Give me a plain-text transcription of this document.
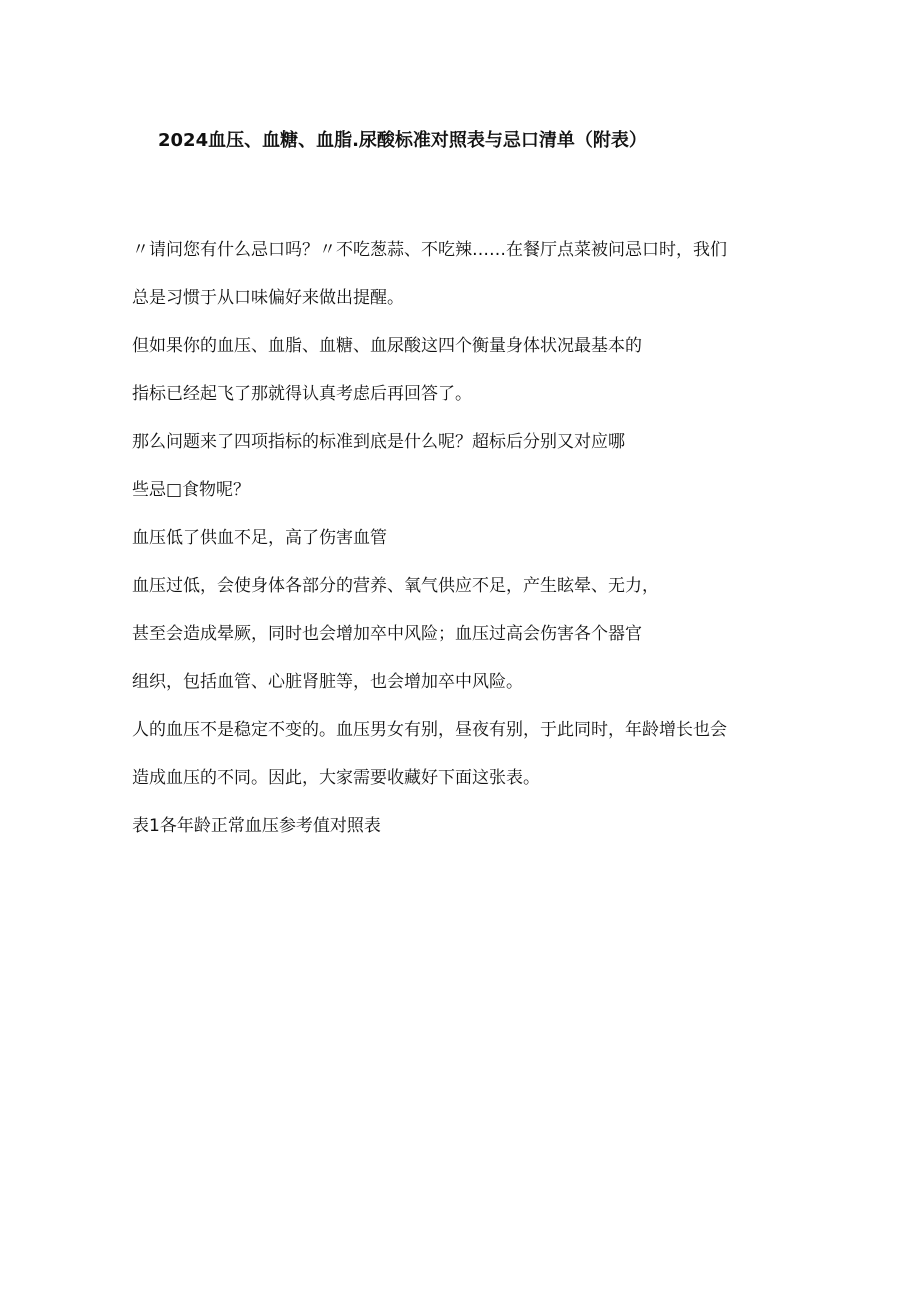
2024血压、血糖、血脂.尿酸标准对照表与忌口清单（附表）

〃请问您有什么忌口吗？〃不吃葱蒜、不吃辣……在餐厅点菜被问忌口时，我们

总是习惯于从口味偏好来做出提醒。

但如果你的血压、血脂、血糖、血尿酸这四个衡量身体状况最基本的

指标已经起飞了那就得认真考虑后再回答了。

那么问题来了四项指标的标准到底是什么呢？超标后分别又对应哪

些忌□食物呢？

血压低了供血不足，高了伤害血管

血压过低，会使身体各部分的营养、氧气供应不足，产生眩晕、无力，

甚至会造成晕厥，同时也会增加卒中风险；血压过高会伤害各个器官

组织，包括血管、心脏肾脏等，也会增加卒中风险。

人的血压不是稳定不变的。血压男女有别，昼夜有别，于此同时，年龄增长也会

造成血压的不同。因此，大家需要收藏好下面这张表。

表1各年龄正常血压参考值对照表
